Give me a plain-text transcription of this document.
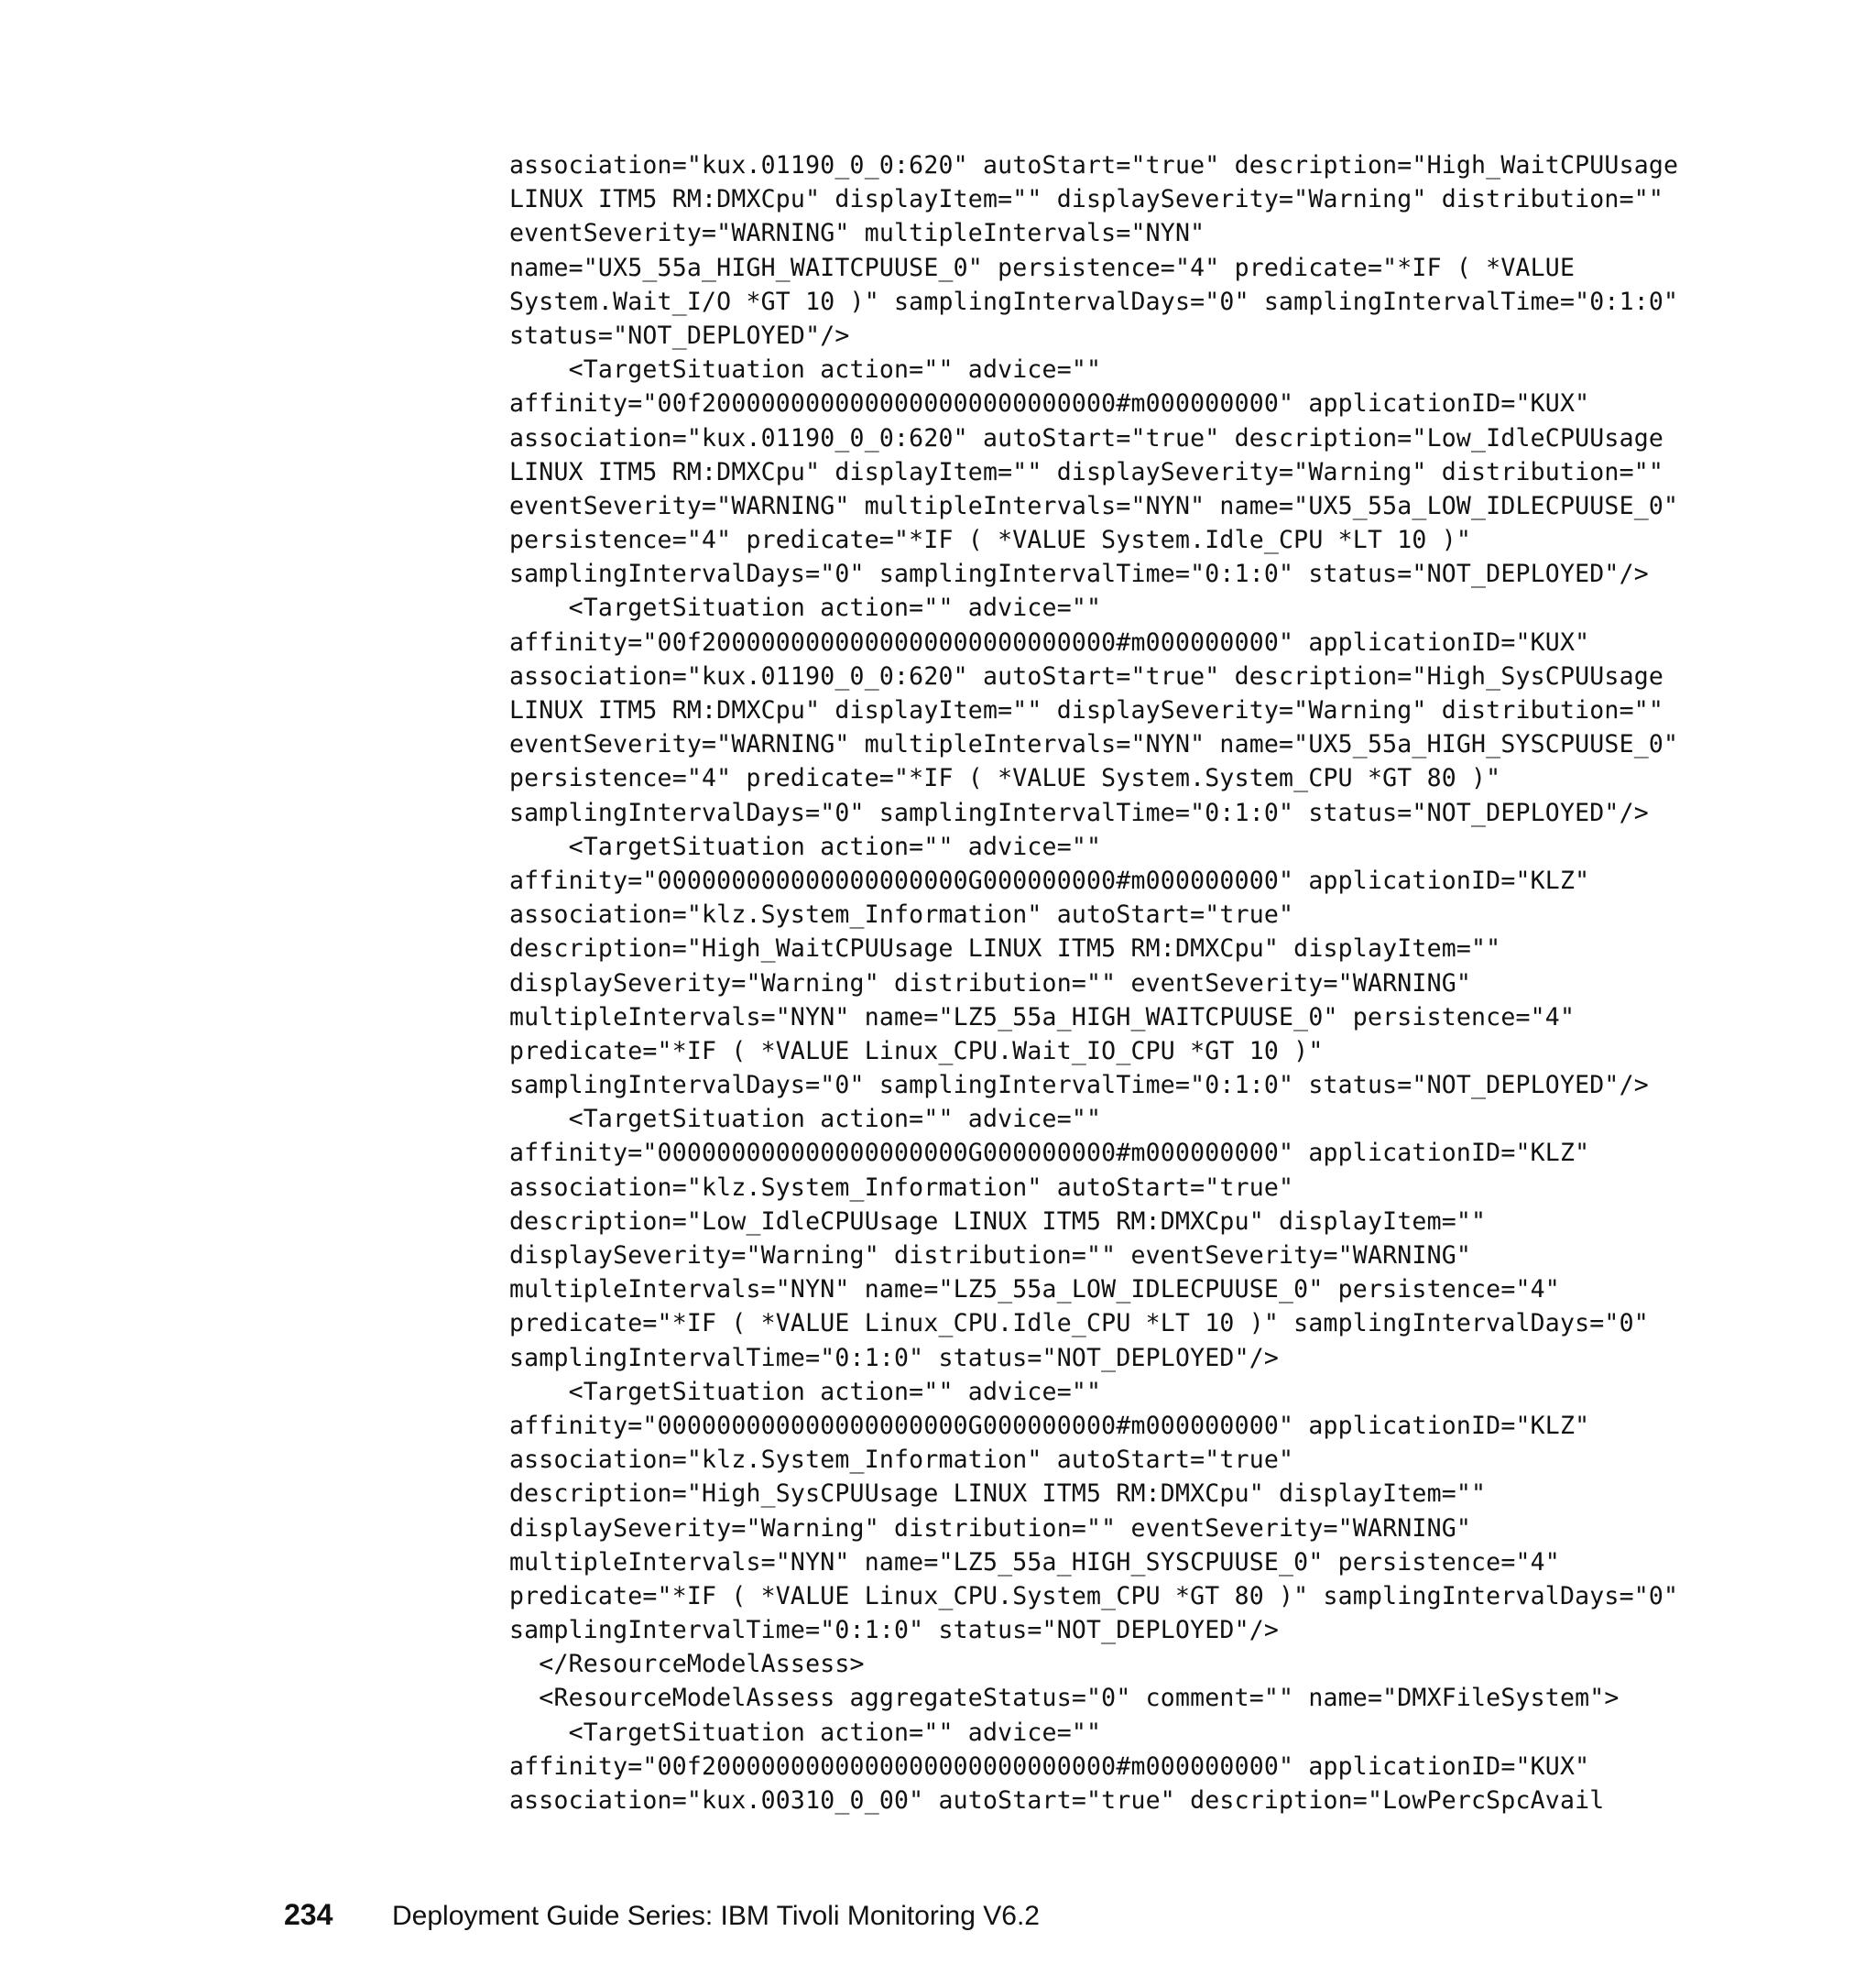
association="kux.01190_0_0:620" autoStart="true" description="High_WaitCPUUsage
LINUX ITM5 RM:DMXCpu" displayItem="" displaySeverity="Warning" distribution=""
eventSeverity="WARNING" multipleIntervals="NYN"
name="UX5_55a_HIGH_WAITCPUUSE_0" persistence="4" predicate="*IF ( *VALUE
System.Wait_I/O *GT 10 )" samplingIntervalDays="0" samplingIntervalTime="0:1:0"
status="NOT_DEPLOYED"/>
<TargetSituation action="" advice=""
affinity="00f2000000000000000000000000000#m000000000" applicationID="KUX"
association="kux.01190_0_0:620" autoStart="true" description="Low_IdleCPUUsage
LINUX ITM5 RM:DMXCpu" displayItem="" displaySeverity="Warning" distribution=""
eventSeverity="WARNING" multipleIntervals="NYN" name="UX5_55a_LOW_IDLECPUUSE_0"
persistence="4" predicate="*IF ( *VALUE System.Idle_CPU *LT 10 )"
samplingIntervalDays="0" samplingIntervalTime="0:1:0" status="NOT_DEPLOYED"/>
<TargetSituation action="" advice=""
affinity="00f2000000000000000000000000000#m000000000" applicationID="KUX"
association="kux.01190_0_0:620" autoStart="true" description="High_SysCPUUsage
LINUX ITM5 RM:DMXCpu" displayItem="" displaySeverity="Warning" distribution=""
eventSeverity="WARNING" multipleIntervals="NYN" name="UX5_55a_HIGH_SYSCPUUSE_0"
persistence="4" predicate="*IF ( *VALUE System.System_CPU *GT 80 )"
samplingIntervalDays="0" samplingIntervalTime="0:1:0" status="NOT_DEPLOYED"/>
<TargetSituation action="" advice=""
affinity="000000000000000000000G000000000#m000000000" applicationID="KLZ"
association="klz.System_Information" autoStart="true"
description="High_WaitCPUUsage LINUX ITM5 RM:DMXCpu" displayItem=""
displaySeverity="Warning" distribution="" eventSeverity="WARNING"
multipleIntervals="NYN" name="LZ5_55a_HIGH_WAITCPUUSE_0" persistence="4"
predicate="*IF ( *VALUE Linux_CPU.Wait_IO_CPU *GT 10 )"
samplingIntervalDays="0" samplingIntervalTime="0:1:0" status="NOT_DEPLOYED"/>
<TargetSituation action="" advice=""
affinity="000000000000000000000G000000000#m000000000" applicationID="KLZ"
association="klz.System_Information" autoStart="true"
description="Low_IdleCPUUsage LINUX ITM5 RM:DMXCpu" displayItem=""
displaySeverity="Warning" distribution="" eventSeverity="WARNING"
multipleIntervals="NYN" name="LZ5_55a_LOW_IDLECPUUSE_0" persistence="4"
predicate="*IF ( *VALUE Linux_CPU.Idle_CPU *LT 10 )" samplingIntervalDays="0"
samplingIntervalTime="0:1:0" status="NOT_DEPLOYED"/>
<TargetSituation action="" advice=""
affinity="000000000000000000000G000000000#m000000000" applicationID="KLZ"
association="klz.System_Information" autoStart="true"
description="High_SysCPUUsage LINUX ITM5 RM:DMXCpu" displayItem=""
displaySeverity="Warning" distribution="" eventSeverity="WARNING"
multipleIntervals="NYN" name="LZ5_55a_HIGH_SYSCPUUSE_0" persistence="4"
predicate="*IF ( *VALUE Linux_CPU.System_CPU *GT 80 )" samplingIntervalDays="0"
samplingIntervalTime="0:1:0" status="NOT_DEPLOYED"/>
</ResourceModelAssess>
<ResourceModelAssess aggregateStatus="0" comment="" name="DMXFileSystem">
<TargetSituation action="" advice=""
affinity="00f2000000000000000000000000000#m000000000" applicationID="KUX"
association="kux.00310_0_00" autoStart="true" description="LowPercSpcAvail
234	Deployment Guide Series: IBM Tivoli Monitoring V6.2
